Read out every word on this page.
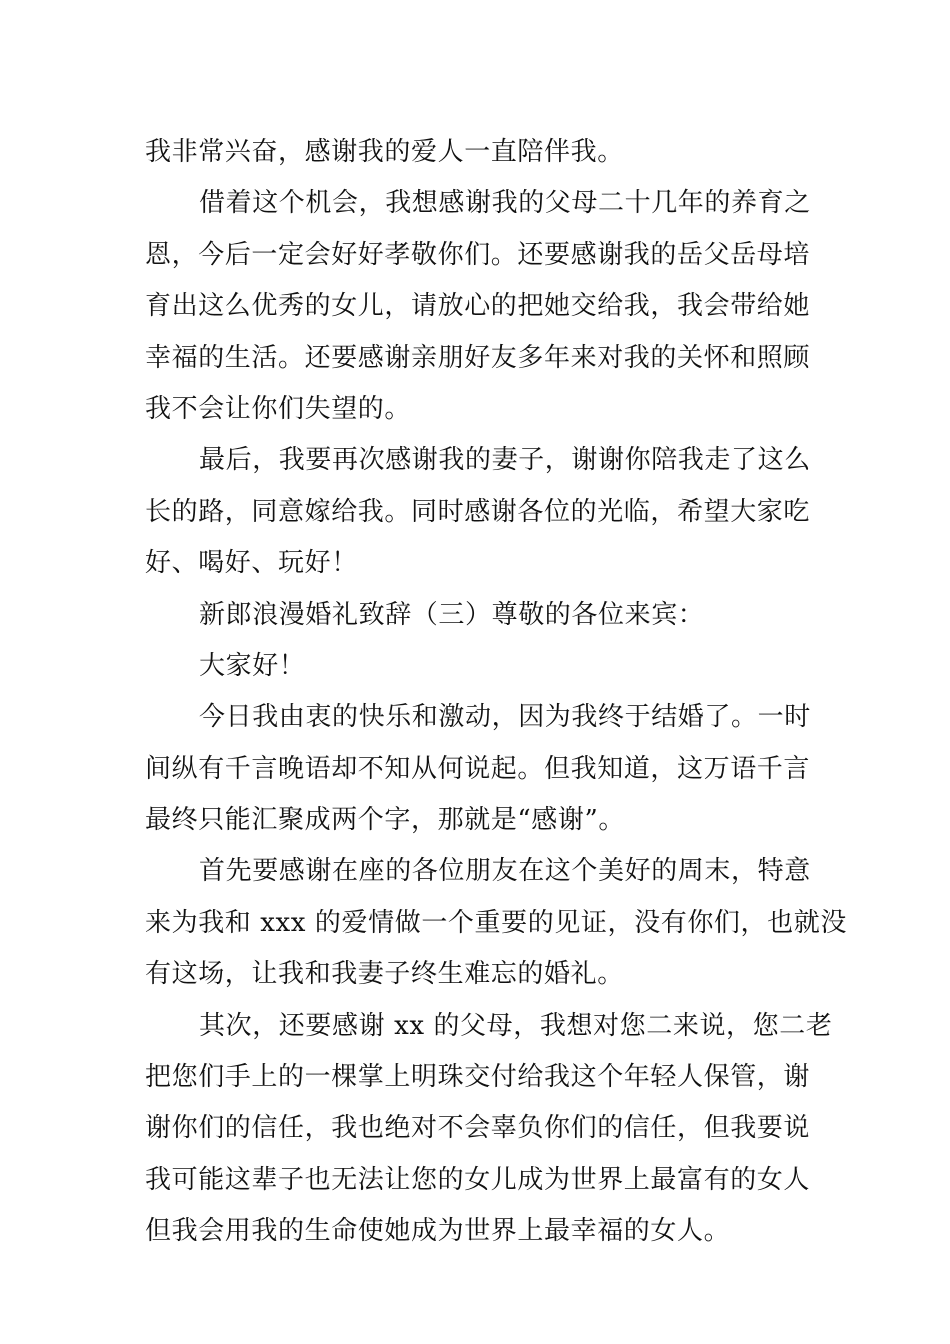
我非常兴奋，感谢我的爱人一直陪伴我。
借着这个机会，我想感谢我的父母二十几年的养育之
恩，今后一定会好好孝敬你们。还要感谢我的岳父岳母培
育出这么优秀的女儿，请放心的把她交给我，我会带给她
幸福的生活。还要感谢亲朋好友多年来对我的关怀和照顾
我不会让你们失望的。
最后，我要再次感谢我的妻子，谢谢你陪我走了这么
长的路，同意嫁给我。同时感谢各位的光临，希望大家吃
好、喝好、玩好！
新郎浪漫婚礼致辞（三）尊敬的各位来宾：
大家好！
今日我由衷的快乐和激动，因为我终于结婚了。一时
间纵有千言晚语却不知从何说起。但我知道，这万语千言
最终只能汇聚成两个字，那就是“感谢”。
首先要感谢在座的各位朋友在这个美好的周末，特意
来为我和 xxx 的爱情做一个重要的见证，没有你们，也就没
有这场，让我和我妻子终生难忘的婚礼。
其次，还要感谢 xx 的父母，我想对您二来说，您二老
把您们手上的一棵掌上明珠交付给我这个年轻人保管，谢
谢你们的信任，我也绝对不会辜负你们的信任，但我要说
我可能这辈子也无法让您的女儿成为世界上最富有的女人
但我会用我的生命使她成为世界上最幸福的女人。
